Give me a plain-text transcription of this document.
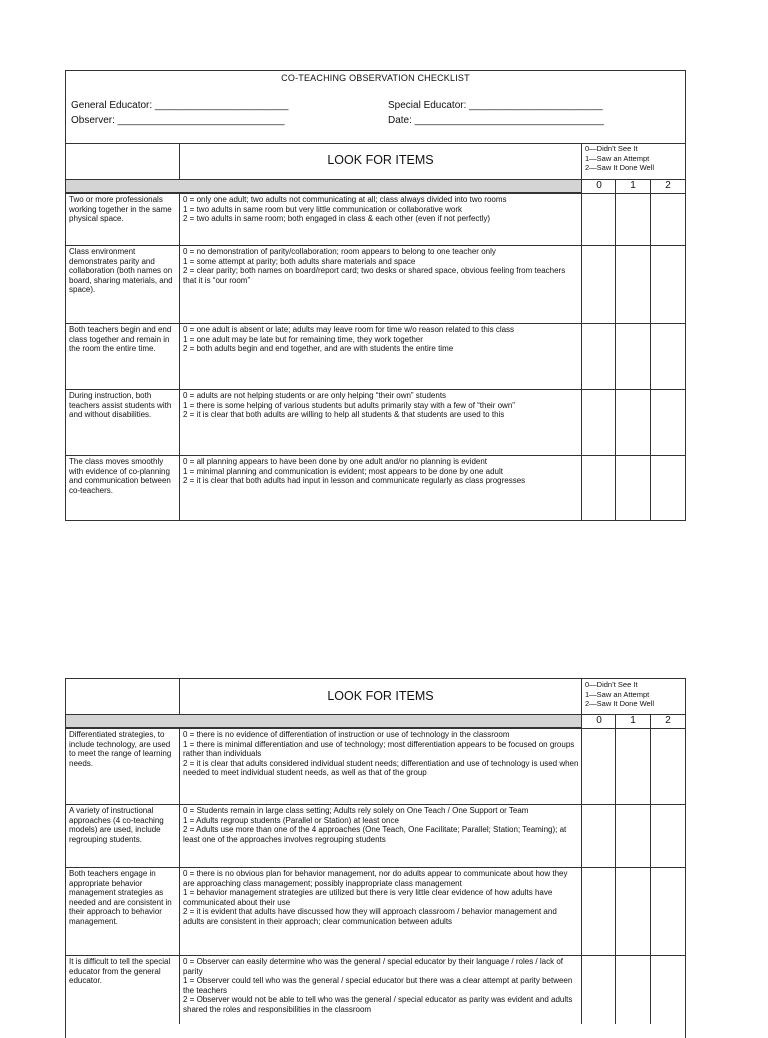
CO-TEACHING OBSERVATION CHECKLIST
General Educator: ________________________	Special Educator: ________________________
Observer: ______________________________	Date: __________________________________
LOOK FOR ITEMS
0—Didn’t See It
1—Saw an Attempt
2—Saw It Done Well
0	1	2
Two or more professionals working together in the same physical space.
0 = only one adult; two adults not communicating at all; class always divided into two rooms
1 = two adults in same room but very little communication or collaborative work
2 = two adults in same room; both engaged in class & each other (even if not perfectly)
Class environment demonstrates parity and collaboration (both names on board, sharing materials, and space).
0 = no demonstration of parity/collaboration; room appears to belong to one teacher only
1 = some attempt at parity; both adults share materials and space
2 = clear parity; both names on board/report card; two desks or shared space, obvious feeling from teachers that it is “our room”
Both teachers begin and end class together and remain in the room the entire time.
0 = one adult is absent or late; adults may leave room for time w/o reason related to this class
1 = one adult may be late but for remaining time, they work together
2 = both adults begin and end together, and are with students the entire time
During instruction, both teachers assist students with and without disabilities.
0 = adults are not helping students or are only helping “their own” students
1 = there is some helping of various students but adults primarily stay with a few of “their own”
2 = it is clear that both adults are willing to help all students & that students are used to this
The class moves smoothly with evidence of co-planning and communication between co-teachers.
0 = all planning appears to have been done by one adult and/or no planning is evident
1 = minimal planning and communication is evident; most appears to be done by one adult
2 = it is clear that both adults had input in lesson and communicate regularly as class progresses
LOOK FOR ITEMS
0—Didn’t See It
1—Saw an Attempt
2—Saw It Done Well
0	1	2
Differentiated strategies, to include technology, are used to meet the range of learning needs.
0 = there is no evidence of differentiation of instruction or use of technology in the classroom
1 = there is minimal differentiation and use of technology; most differentiation appears to be focused on groups rather than individuals
2 = it is clear that adults considered individual student needs; differentiation and use of technology is used when needed to meet individual student needs, as well as that of the group
A variety of instructional approaches (4 co-teaching models) are used, include regrouping students.
0 = Students remain in large class setting; Adults rely solely on One Teach / One Support or Team
1 = Adults regroup students (Parallel or Station) at least once
2 = Adults use more than one of the 4 approaches (One Teach, One Facilitate; Parallel; Station; Teaming); at least one of the approaches involves regrouping students
Both teachers engage in appropriate behavior management strategies as needed and are consistent in their approach to behavior management.
0 = there is no obvious plan for behavior management, nor do adults appear to communicate about how they are approaching class management; possibly inappropriate class management
1 = behavior management strategies are utilized but there is very little clear evidence of how adults have communicated about their use
2 = it is evident that adults have discussed how they will approach classroom / behavior management and adults are consistent in their approach; clear communication between adults
It is difficult to tell the special educator from the general educator.
0 = Observer can easily determine who was the general / special educator by their language / roles / lack of parity
1 = Observer could tell who was the general / special educator but there was a clear attempt at parity between the teachers
2 = Observer would not be able to tell who was the general / special educator as parity was evident and adults shared the roles and responsibilities in the classroom
